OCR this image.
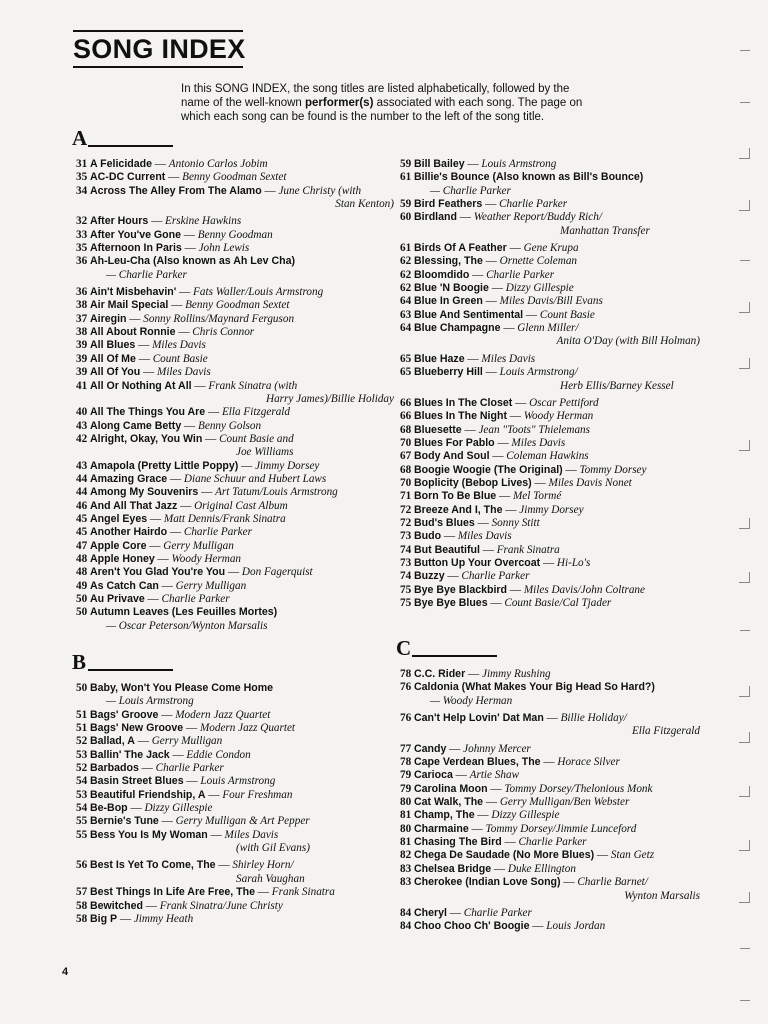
SONG INDEX

In this SONG INDEX, the song titles are listed alphabetically, followed by the name of the well-known performer(s) associated with each song. The page on which each song can be found is the number to the left of the song title.

A
31 A Felicidade — Antonio Carlos Jobim
35 AC-DC Current — Benny Goodman Sextet
34 Across The Alley From The Alamo — June Christy (with
Stan Kenton)
32 After Hours — Erskine Hawkins
33 After You've Gone — Benny Goodman
35 Afternoon In Paris — John Lewis
36 Ah-Leu-Cha (Also known as Ah Lev Cha)
— Charlie Parker
36 Ain't Misbehavin' — Fats Waller/Louis Armstrong
38 Air Mail Special — Benny Goodman Sextet
37 Airegin — Sonny Rollins/Maynard Ferguson
38 All About Ronnie — Chris Connor
39 All Blues — Miles Davis
39 All Of Me — Count Basie
39 All Of You — Miles Davis
41 All Or Nothing At All — Frank Sinatra (with
Harry James)/Billie Holiday
40 All The Things You Are — Ella Fitzgerald
43 Along Came Betty — Benny Golson
42 Alright, Okay, You Win — Count Basie and
Joe Williams
43 Amapola (Pretty Little Poppy) — Jimmy Dorsey
44 Amazing Grace — Diane Schuur and Hubert Laws
44 Among My Souvenirs — Art Tatum/Louis Armstrong
46 And All That Jazz — Original Cast Album
45 Angel Eyes — Matt Dennis/Frank Sinatra
45 Another Hairdo — Charlie Parker
47 Apple Core — Gerry Mulligan
48 Apple Honey — Woody Herman
48 Aren't You Glad You're You — Don Fagerquist
49 As Catch Can — Gerry Mulligan
50 Au Privave — Charlie Parker
50 Autumn Leaves (Les Feuilles Mortes)
— Oscar Peterson/Wynton Marsalis
B
50 Baby, Won't You Please Come Home
— Louis Armstrong
51 Bags' Groove — Modern Jazz Quartet
51 Bags' New Groove — Modern Jazz Quartet
52 Ballad, A — Gerry Mulligan
53 Ballin' The Jack — Eddie Condon
52 Barbados — Charlie Parker
54 Basin Street Blues — Louis Armstrong
53 Beautiful Friendship, A — Four Freshman
54 Be-Bop — Dizzy Gillespie
55 Bernie's Tune — Gerry Mulligan & Art Pepper
55 Bess You Is My Woman — Miles Davis
(with Gil Evans)
56 Best Is Yet To Come, The — Shirley Horn/
Sarah Vaughan
57 Best Things In Life Are Free, The — Frank Sinatra
58 Bewitched — Frank Sinatra/June Christy
58 Big P — Jimmy Heath
59 Bill Bailey — Louis Armstrong
61 Billie's Bounce (Also known as Bill's Bounce)
— Charlie Parker
59 Bird Feathers — Charlie Parker
60 Birdland — Weather Report/Buddy Rich/
Manhattan Transfer
61 Birds Of A Feather — Gene Krupa
62 Blessing, The — Ornette Coleman
62 Bloomdido — Charlie Parker
62 Blue 'N Boogie — Dizzy Gillespie
64 Blue In Green — Miles Davis/Bill Evans
63 Blue And Sentimental — Count Basie
64 Blue Champagne — Glenn Miller/
Anita O'Day (with Bill Holman)
65 Blue Haze — Miles Davis
65 Blueberry Hill — Louis Armstrong/
Herb Ellis/Barney Kessel
66 Blues In The Closet — Oscar Pettiford
66 Blues In The Night — Woody Herman
68 Bluesette — Jean "Toots" Thielemans
70 Blues For Pablo — Miles Davis
67 Body And Soul — Coleman Hawkins
68 Boogie Woogie (The Original) — Tommy Dorsey
70 Boplicity (Bebop Lives) — Miles Davis Nonet
71 Born To Be Blue — Mel Tormé
72 Breeze And I, The — Jimmy Dorsey
72 Bud's Blues — Sonny Stitt
73 Budo — Miles Davis
74 But Beautiful — Frank Sinatra
73 Button Up Your Overcoat — Hi-Lo's
74 Buzzy — Charlie Parker
75 Bye Bye Blackbird — Miles Davis/John Coltrane
75 Bye Bye Blues — Count Basie/Cal Tjader
C
78 C.C. Rider — Jimmy Rushing
76 Caldonia (What Makes Your Big Head So Hard?)
— Woody Herman
76 Can't Help Lovin' Dat Man — Billie Holiday/
Ella Fitzgerald
77 Candy — Johnny Mercer
78 Cape Verdean Blues, The — Horace Silver
79 Carioca — Artie Shaw
79 Carolina Moon — Tommy Dorsey/Thelonious Monk
80 Cat Walk, The — Gerry Mulligan/Ben Webster
81 Champ, The — Dizzy Gillespie
80 Charmaine — Tommy Dorsey/Jimmie Lunceford
81 Chasing The Bird — Charlie Parker
82 Chega De Saudade (No More Blues) — Stan Getz
83 Chelsea Bridge — Duke Ellington
83 Cherokee (Indian Love Song) — Charlie Barnet/
Wynton Marsalis
84 Cheryl — Charlie Parker
84 Choo Choo Ch' Boogie — Louis Jordan
4
